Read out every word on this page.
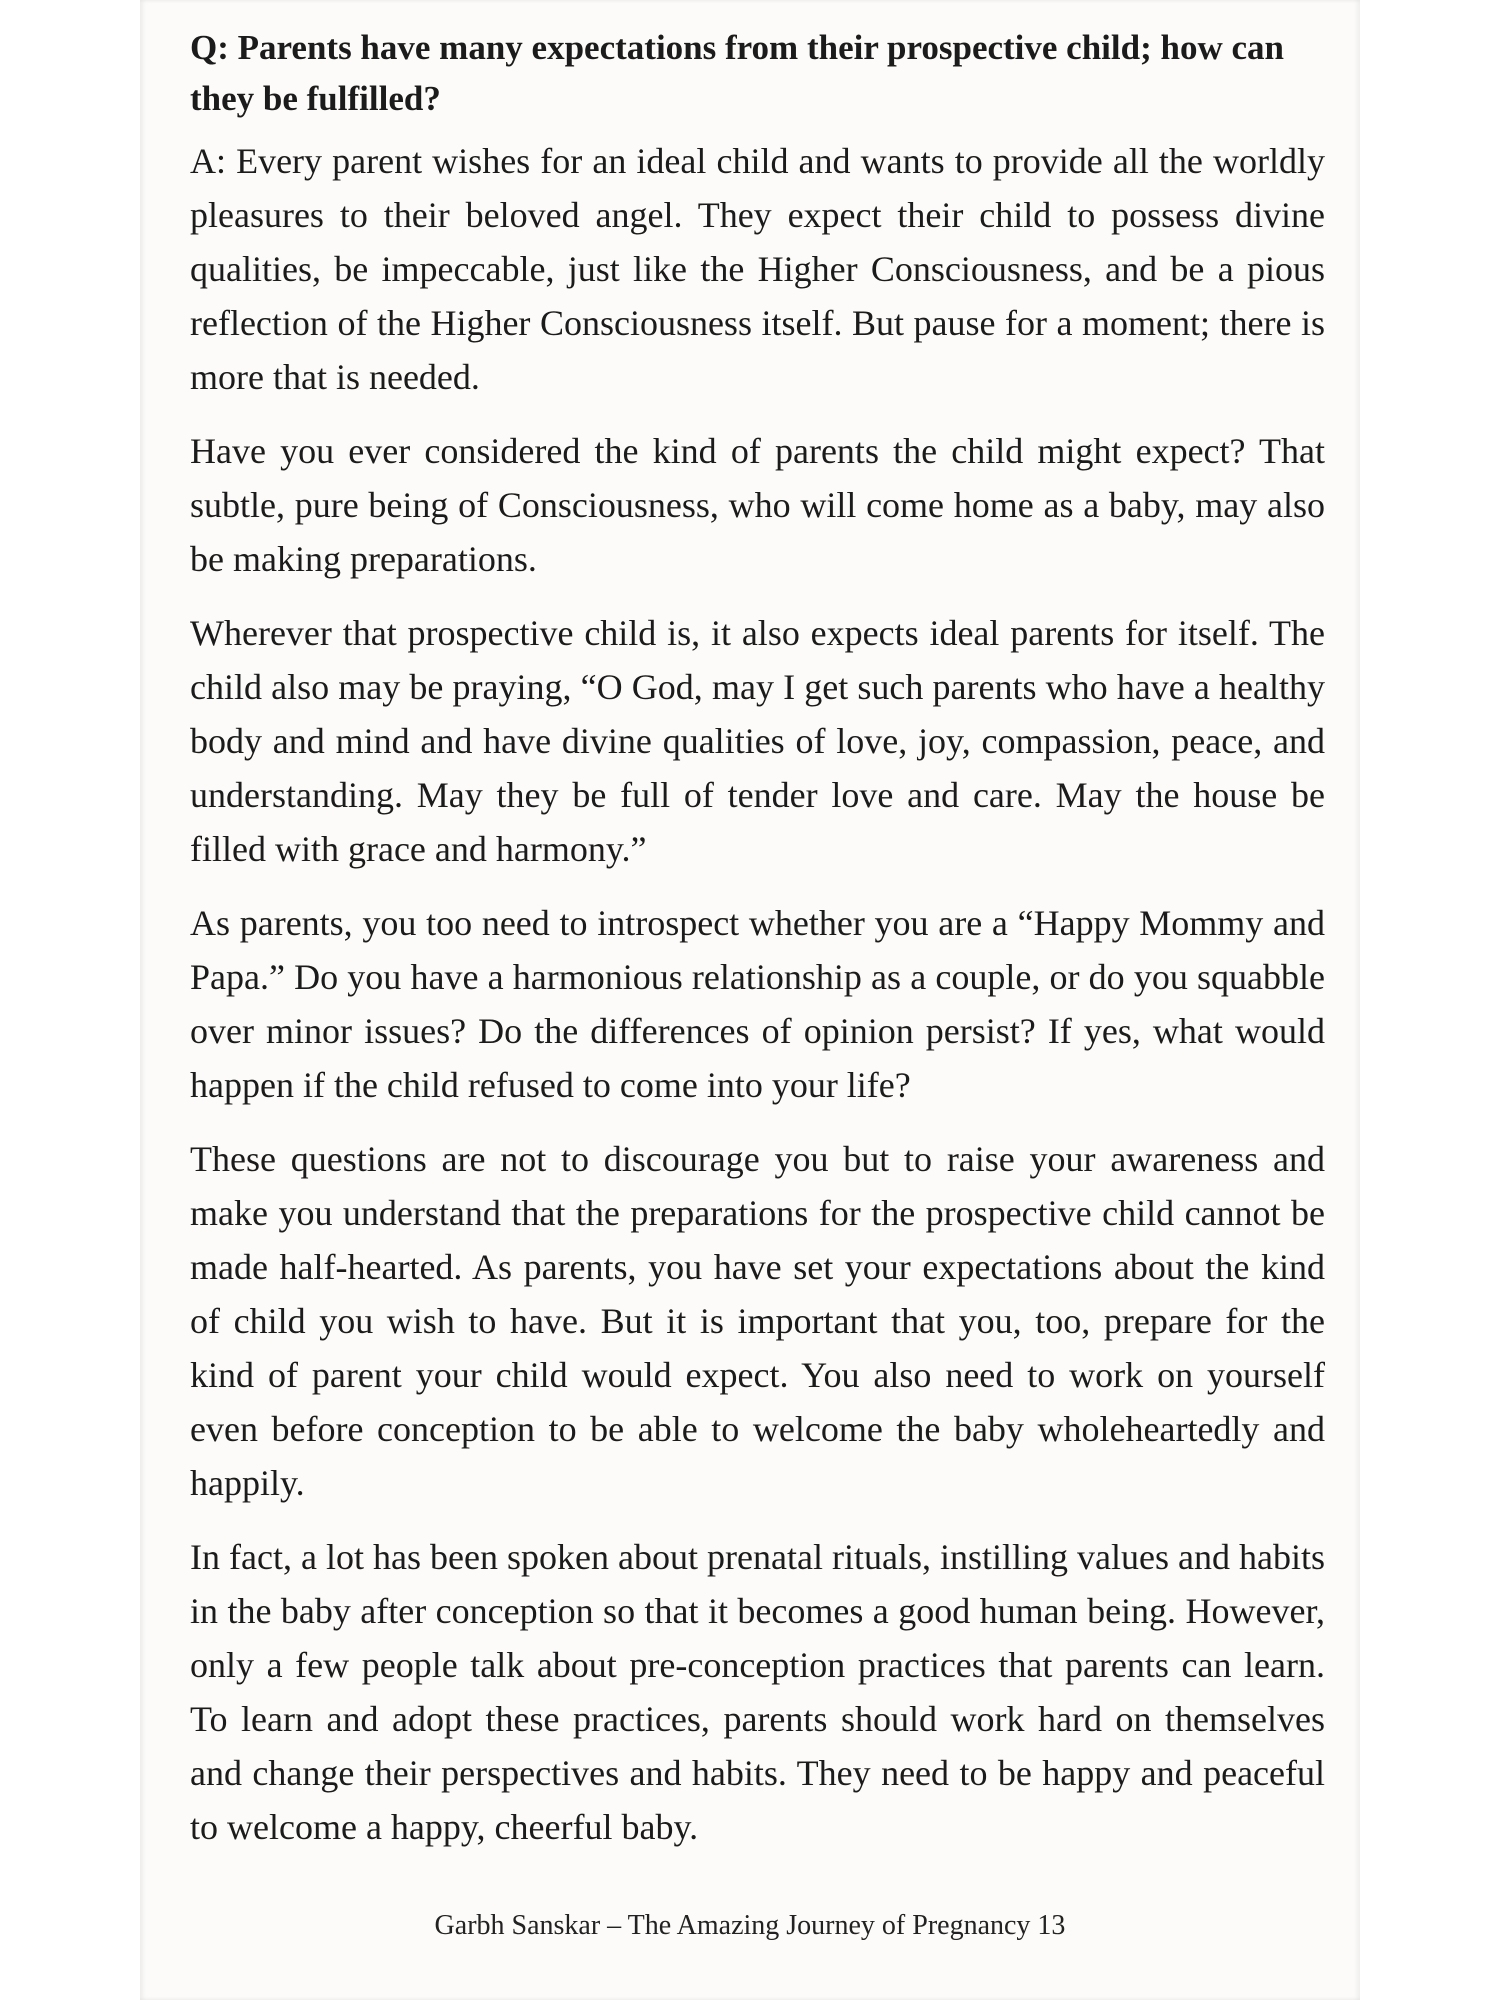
Q: Parents have many expectations from their prospective child; how can they be fulfilled?

A: Every parent wishes for an ideal child and wants to provide all the worldly pleasures to their beloved angel. They expect their child to possess divine qualities, be impeccable, just like the Higher Consciousness, and be a pious reflection of the Higher Consciousness itself. But pause for a moment; there is more that is needed.

Have you ever considered the kind of parents the child might expect? That subtle, pure being of Consciousness, who will come home as a baby, may also be making preparations.

Wherever that prospective child is, it also expects ideal parents for itself. The child also may be praying, “O God, may I get such parents who have a healthy body and mind and have divine qualities of love, joy, compassion, peace, and understanding. May they be full of tender love and care. May the house be filled with grace and harmony.”

As parents, you too need to introspect whether you are a “Happy Mommy and Papa.” Do you have a harmonious relationship as a couple, or do you squabble over minor issues? Do the differences of opinion persist? If yes, what would happen if the child refused to come into your life?

These questions are not to discourage you but to raise your awareness and make you understand that the preparations for the prospective child cannot be made half-hearted. As parents, you have set your expectations about the kind of child you wish to have. But it is important that you, too, prepare for the kind of parent your child would expect. You also need to work on yourself even before conception to be able to welcome the baby wholeheartedly and happily.

In fact, a lot has been spoken about prenatal rituals, instilling values and habits in the baby after conception so that it becomes a good human being. However, only a few people talk about pre-conception practices that parents can learn. To learn and adopt these practices, parents should work hard on themselves and change their perspectives and habits. They need to be happy and peaceful to welcome a happy, cheerful baby.

Garbh Sanskar – The Amazing Journey of Pregnancy 13
